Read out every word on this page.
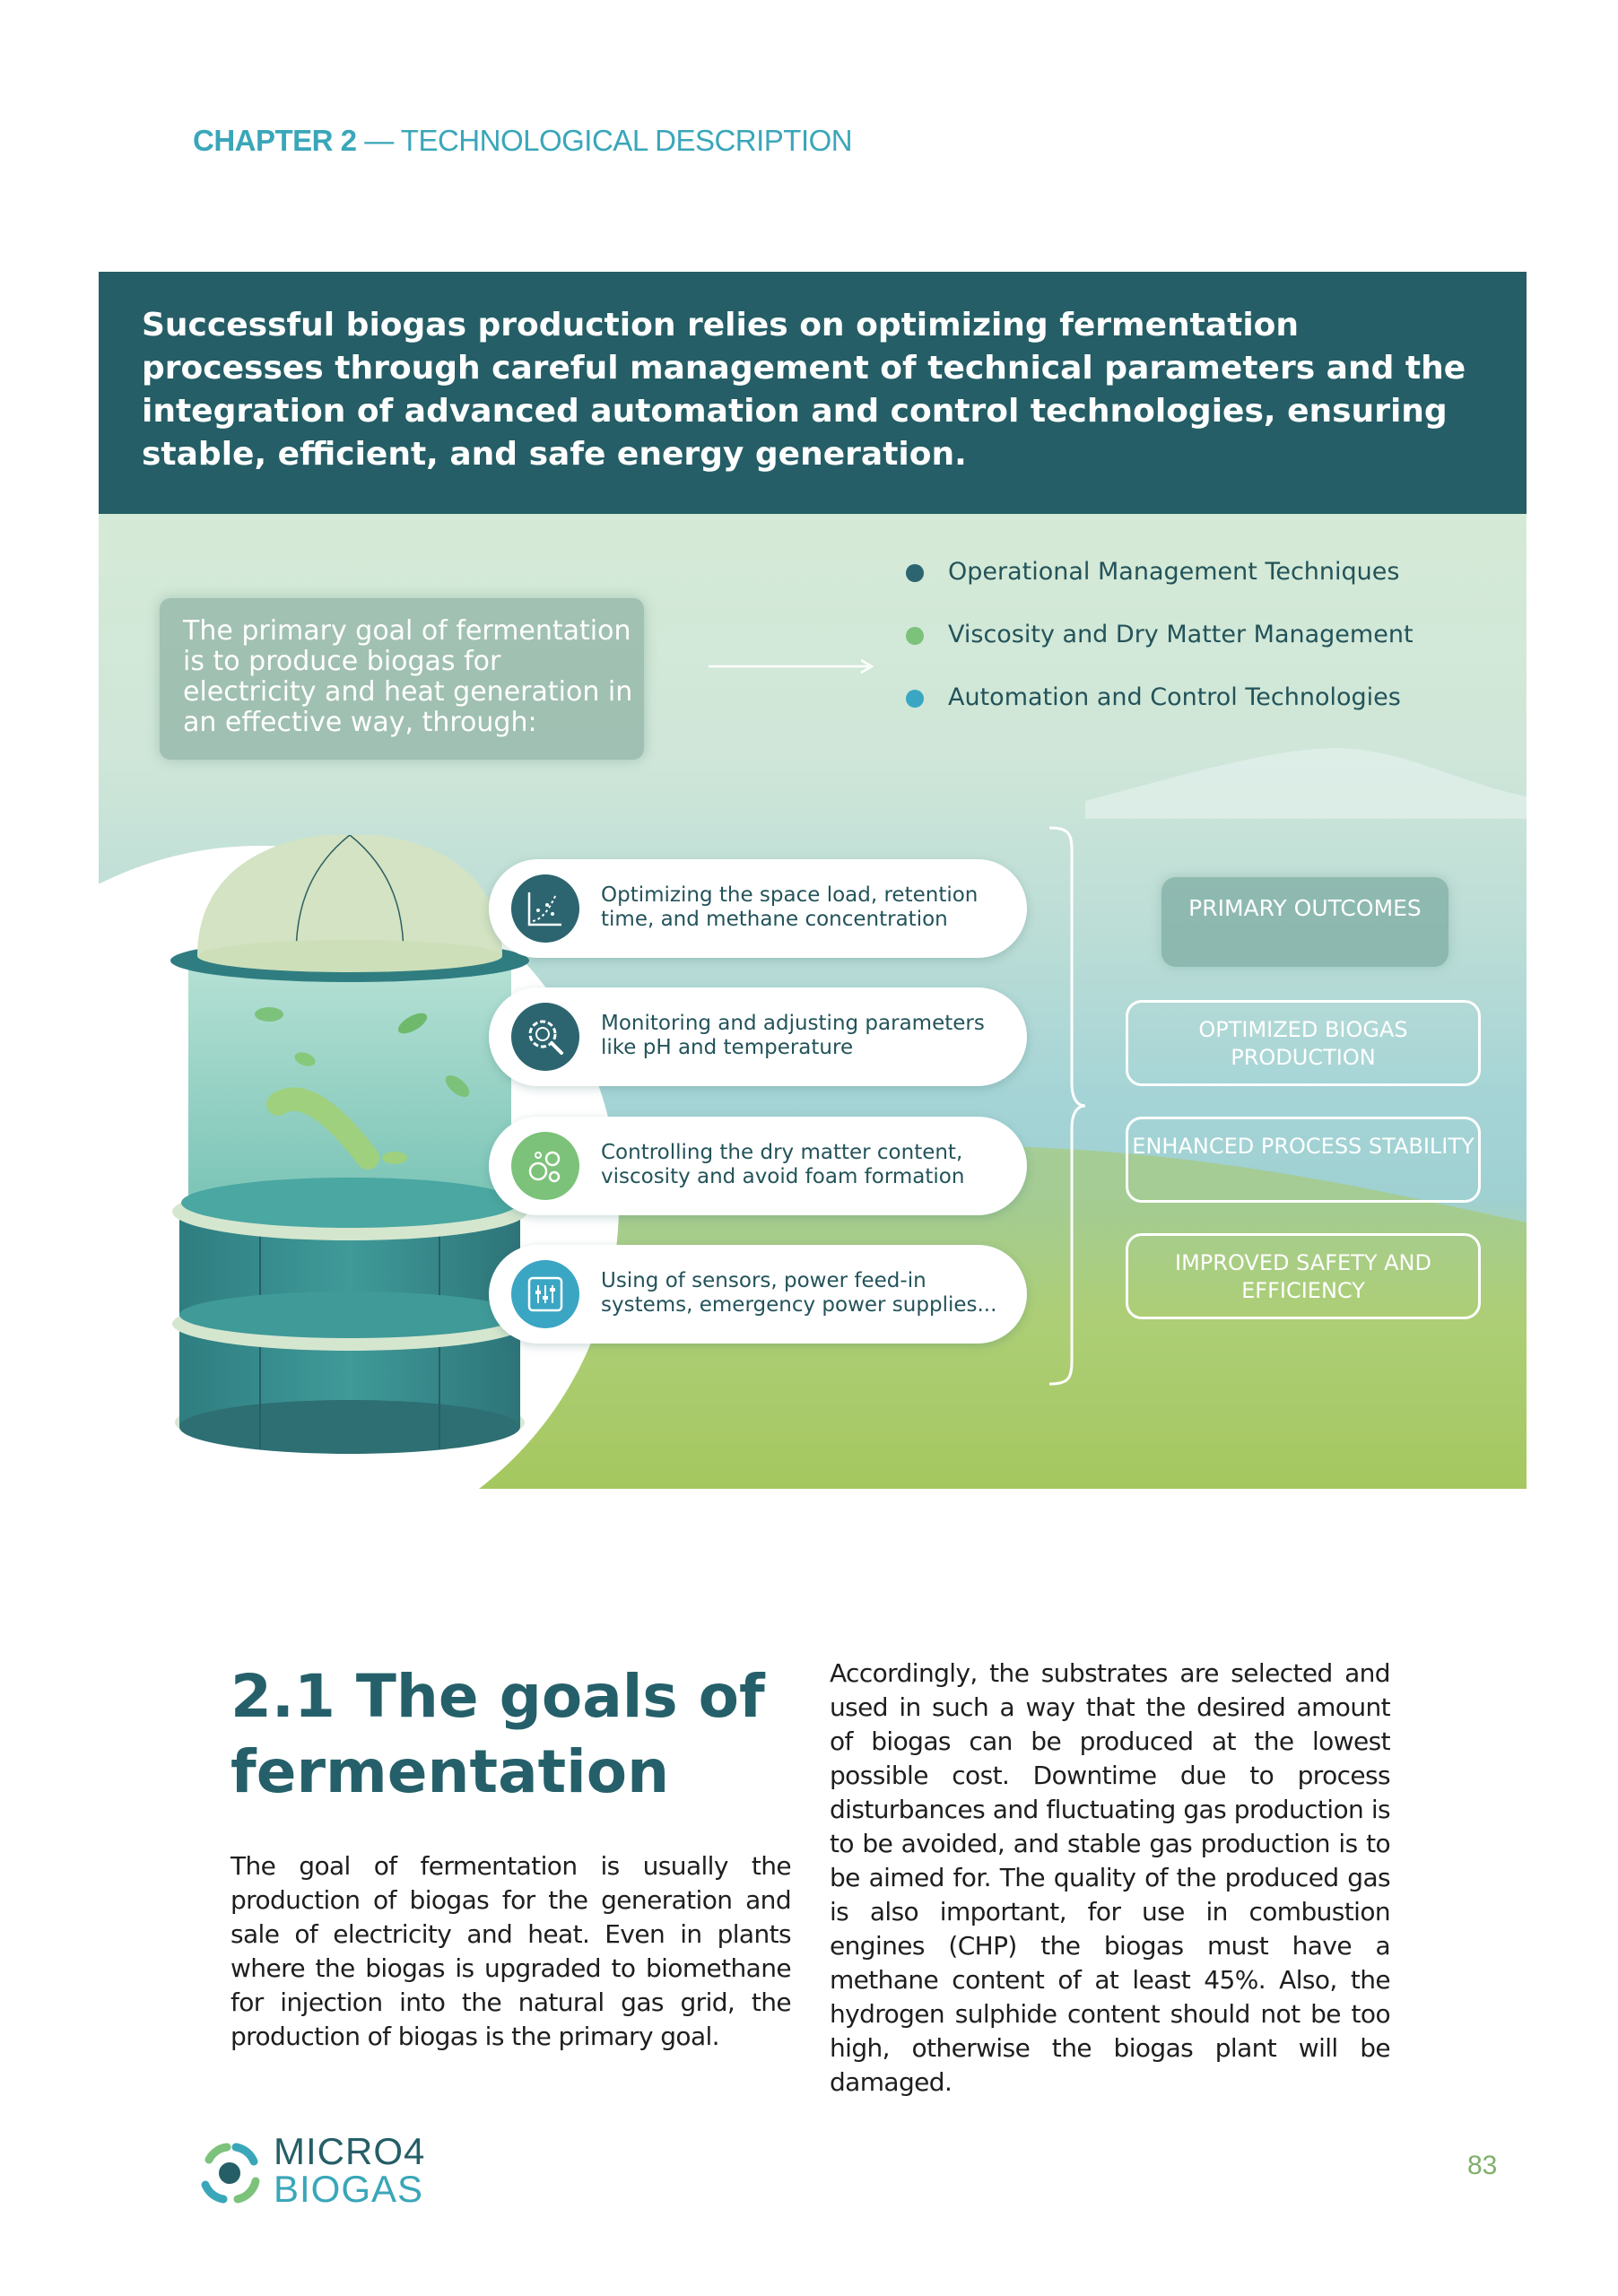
CHAPTER 2 — TECHNOLOGICAL DESCRIPTION

Successful biogas production relies on optimizing fermentation processes through careful management of technical parameters and the integration of advanced automation and control technologies, ensuring stable, efficient, and safe energy generation.

The primary goal of fermentation is to produce biogas for electricity and heat generation in an effective way, through:

Operational Management Techniques
Viscosity and Dry Matter Management
Automation and Control Technologies

Optimizing the space load, retention time, and methane concentration

Monitoring and adjusting parameters like pH and temperature

Controlling the dry matter content, viscosity and avoid foam formation

Using of sensors, power feed-in systems, emergency power supplies...

PRIMARY OUTCOMES
OPTIMIZED BIOGAS PRODUCTION
ENHANCED PROCESS STABILITY
IMPROVED SAFETY AND EFFICIENCY
2.1 The goals of fermentation

The goal of fermentation is usually the production of biogas for the generation and sale of electricity and heat. Even in plants where the biogas is upgraded to biomethane for injection into the natural gas grid, the production of biogas is the primary goal.

Accordingly, the substrates are selected and used in such a way that the desired amount of biogas can be produced at the lowest possible cost. Downtime due to process disturbances and fluctuating gas production is to be avoided, and stable gas production is to be aimed for. The quality of the produced gas is also important, for use in combustion engines (CHP) the biogas must have a methane content of at least 45%. Also, the hydrogen sulphide content should not be too high, otherwise the biogas plant will be damaged.

MICRO4
BIOGAS
83
